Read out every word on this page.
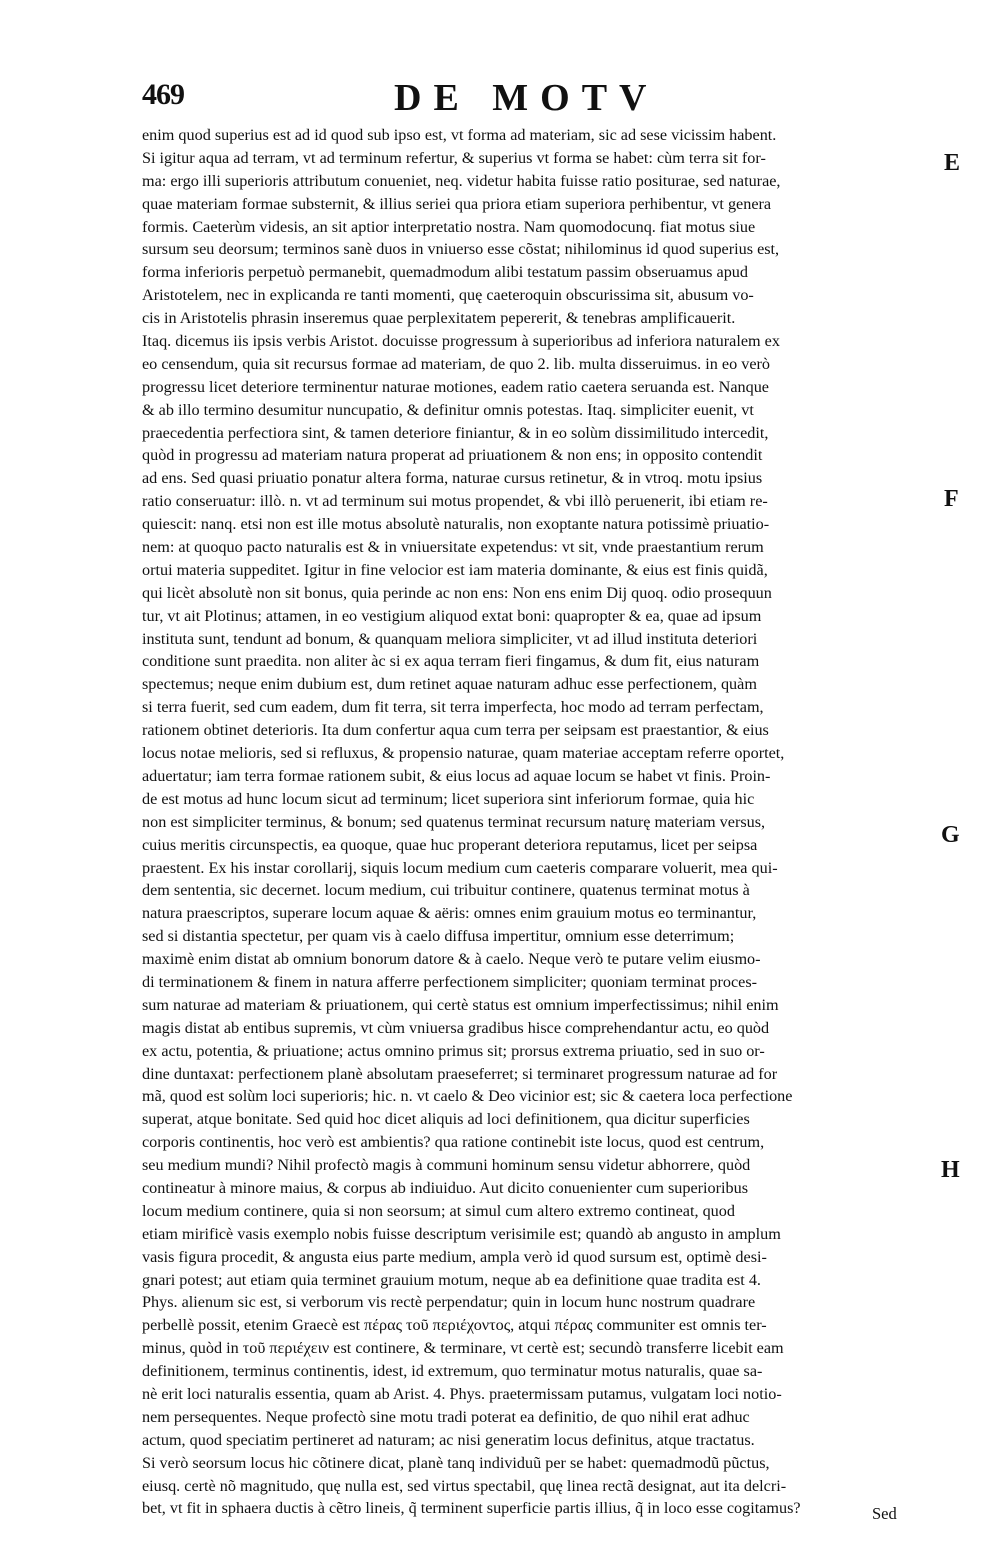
469	DE MOTV
enim quod superius est ad id quod sub ipso est, vt forma ad materiam, sic ad sese vicissim habent.
Si igitur aqua ad terram, vt ad terminum refertur, & superius vt forma se habet: cùm terra sit for-
ma: ergo illi superioris attributum conueniet, neq. videtur habita fuisse ratio positurae, sed naturae,
quae materiam formae substernit, & illius seriei qua priora etiam superiora perhibentur, vt genera
formis. Caeterùm videsis, an sit aptior interpretatio nostra. Nam quomodocunq. fiat motus siue
sursum seu deorsum; terminos sanè duos in vniuerso esse cõstat; nihilominus id quod superius est,
forma inferioris perpetuò permanebit, quemadmodum alibi testatum passim obseruamus apud
Aristotelem, nec in explicanda re tanti momenti, quę caeteroquin obscurissima sit, abusum vo-
cis in Aristotelis phrasin inseremus quae perplexitatem pepererit, & tenebras amplificauerit.
Itaq. dicemus iis ipsis verbis Aristot. docuisse progressum à superioribus ad inferiora naturalem ex
eo censendum, quia sit recursus formae ad materiam, de quo 2. lib. multa disseruimus. in eo verò
progressu licet deteriore terminentur naturae motiones, eadem ratio caetera seruanda est. Nanque
& ab illo termino desumitur nuncupatio, & definitur omnis potestas. Itaq. simpliciter euenit, vt
praecedentia perfectiora sint, & tamen deteriore finiantur, & in eo solùm dissimilitudo intercedit,
quòd in progressu ad materiam natura properat ad priuationem & non ens; in opposito contendit
ad ens. Sed quasi priuatio ponatur altera forma, naturae cursus retinetur, & in vtroq. motu ipsius
ratio conseruatur: illò. n. vt ad terminum sui motus propendet, & vbi illò peruenerit, ibi etiam re-
quiescit: nanq. etsi non est ille motus absolutè naturalis, non exoptante natura potissimè priuatio-
nem: at quoquo pacto naturalis est & in vniuersitate expetendus: vt sit, vnde praestantium rerum
ortui materia suppeditet. Igitur in fine velocior est iam materia dominante, & eius est finis quidã,
qui licèt absolutè non sit bonus, quia perinde ac non ens: Non ens enim Dij quoq. odio prosequun
tur, vt ait Plotinus; attamen, in eo vestigium aliquod extat boni: quapropter & ea, quae ad ipsum
instituta sunt, tendunt ad bonum, & quanquam meliora simpliciter, vt ad illud instituta deteriori
conditione sunt praedita. non aliter àc si ex aqua terram fieri fingamus, & dum fit, eius naturam
spectemus; neque enim dubium est, dum retinet aquae naturam adhuc esse perfectionem, quàm
si terra fuerit, sed cum eadem, dum fit terra, sit terra imperfecta, hoc modo ad terram perfectam,
rationem obtinet deterioris. Ita dum confertur aqua cum terra per seipsam est praestantior, & eius
locus notae melioris, sed si refluxus, & propensio naturae, quam materiae acceptam referre oportet,
aduertatur; iam terra formae rationem subit, & eius locus ad aquae locum se habet vt finis. Proin-
de est motus ad hunc locum sicut ad terminum; licet superiora sint inferiorum formae, quia hic
non est simpliciter terminus, & bonum; sed quatenus terminat recursum naturę materiam versus,
cuius meritis circunspectis, ea quoque, quae huc properant deteriora reputamus, licet per seipsa
praestent. Ex his instar corollarij, siquis locum medium cum caeteris comparare voluerit, mea qui-
dem sententia, sic decernet. locum medium, cui tribuitur continere, quatenus terminat motus à
natura praescriptos, superare locum aquae & aëris: omnes enim grauium motus eo terminantur,
sed si distantia spectetur, per quam vis à caelo diffusa impertitur, omnium esse deterrimum;
maximè enim distat ab omnium bonorum datore & à caelo. Neque verò te putare velim eiusmo-
di terminationem & finem in natura afferre perfectionem simpliciter; quoniam terminat proces-
sum naturae ad materiam & priuationem, qui certè status est omnium imperfectissimus; nihil enim
magis distat ab entibus supremis, vt cùm vniuersa gradibus hisce comprehendantur actu, eo quòd
ex actu, potentia, & priuatione; actus omnino primus sit; prorsus extrema priuatio, sed in suo or-
dine duntaxat: perfectionem planè absolutam praeseferret; si terminaret progressum naturae ad for
mã, quod est solùm loci superioris; hic. n. vt caelo & Deo vicinior est; sic & caetera loca perfectione
superat, atque bonitate. Sed quid hoc dicet aliquis ad loci definitionem, qua dicitur superficies
corporis continentis, hoc verò est ambientis? qua ratione continebit iste locus, quod est centrum,
seu medium mundi? Nihil profectò magis à communi hominum sensu videtur abhorrere, quòd
contineatur à minore maius, & corpus ab indiuiduo. Aut dicito conuenienter cum superioribus
locum medium continere, quia si non seorsum; at simul cum altero extremo contineat, quod
etiam mirificè vasis exemplo nobis fuisse descriptum verisimile est; quandò ab angusto in amplum
vasis figura procedit, & angusta eius parte medium, ampla verò id quod sursum est, optimè desi-
gnari potest; aut etiam quia terminet grauium motum, neque ab ea definitione quae tradita est 4.
Phys. alienum sic est, si verborum vis rectè perpendatur; quin in locum hunc nostrum quadrare
perbellè possit, etenim Graecè est πέρας τοῦ περιέχοντος, atqui πέρας communiter est omnis ter-
minus, quòd in τοῦ περιέχειν est continere, & terminare, vt certè est; secundò transferre licebit eam
definitionem, terminus continentis, idest, id extremum, quo terminatur motus naturalis, quae sa-
nè erit loci naturalis essentia, quam ab Arist. 4. Phys. praetermissam putamus, vulgatam loci notio-
nem persequentes. Neque profectò sine motu tradi poterat ea definitio, de quo nihil erat adhuc
actum, quod speciatim pertineret ad naturam; ac nisi generatim locus definitus, atque tractatus.
Si verò seorsum locus hic cõtinere dicat, planè tanq individuũ per se habet: quemadmodũ pũctus,
eiusq. certè nõ magnitudo, quę nulla est, sed virtus spectabil, quę linea rectã designat, aut ita delcri-
bet, vt fit in sphaera ductis à cẽtro lineis, q̃ terminent superficie partis illius, q̃ in loco esse cogitamus?
E
F
G
H
Sed
